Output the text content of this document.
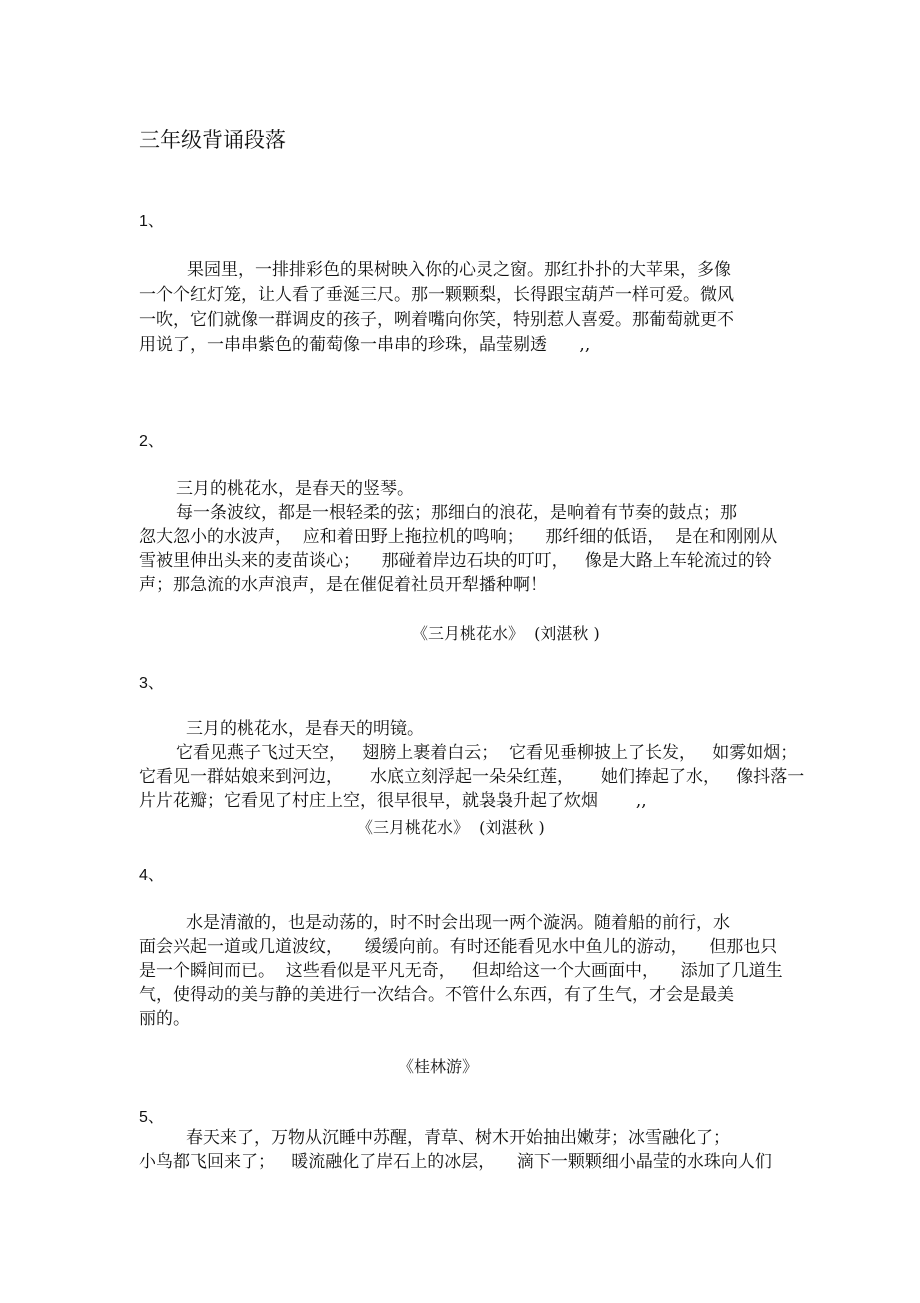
三年级背诵段落
1、
果园里，一排排彩色的果树映入你的心灵之窗。那红扑扑的大苹果，多像
一个个红灯笼，让人看了垂涎三尺。那一颗颗梨，长得跟宝葫芦一样可爱。微风
一吹，它们就像一群调皮的孩子，咧着嘴向你笑，特别惹人喜爱。那葡萄就更不
用说了，一串串紫色的葡萄像一串串的珍珠，晶莹剔透      ,,
2、
三月的桃花水，是春天的竖琴。
每一条波纹，都是一根轻柔的弦；那细白的浪花，是响着有节奏的鼓点；那
忽大忽小的水波声，  应和着田野上拖拉机的鸣响；    那纤细的低语，  是在和刚刚从
雪被里伸出头来的麦苗谈心；    那碰着岸边石块的叮叮，   像是大路上车轮流过的铃
声；那急流的水声浪声，是在催促着社员开犁播种啊！
《三月桃花水》  (刘湛秋 )
3、
三月的桃花水，是春天的明镜。
它看见燕子飞过天空，   翅膀上裹着白云；  它看见垂柳披上了长发，   如雾如烟；
它看见一群姑娘来到河边，     水底立刻浮起一朵朵红莲，     她们捧起了水，   像抖落一
片片花瓣；它看见了村庄上空，很早很早，就袅袅升起了炊烟       ,,
《三月桃花水》  (刘湛秋 )
4、
水是清澈的，也是动荡的，时不时会出现一两个漩涡。随着船的前行，水
面会兴起一道或几道波纹，    缓缓向前。有时还能看见水中鱼儿的游动，    但那也只
是一个瞬间而已。  这些看似是平凡无奇，   但却给这一个大画面中，    添加了几道生
气，使得动的美与静的美进行一次结合。不管什么东西，有了生气，才会是最美
丽的。
《桂林游》
5、
春天来了，万物从沉睡中苏醒，青草、树木开始抽出嫩芽；冰雪融化了；
小鸟都飞回来了；   暖流融化了岸石上的冰层，    滴下一颗颗细小晶莹的水珠向人们
